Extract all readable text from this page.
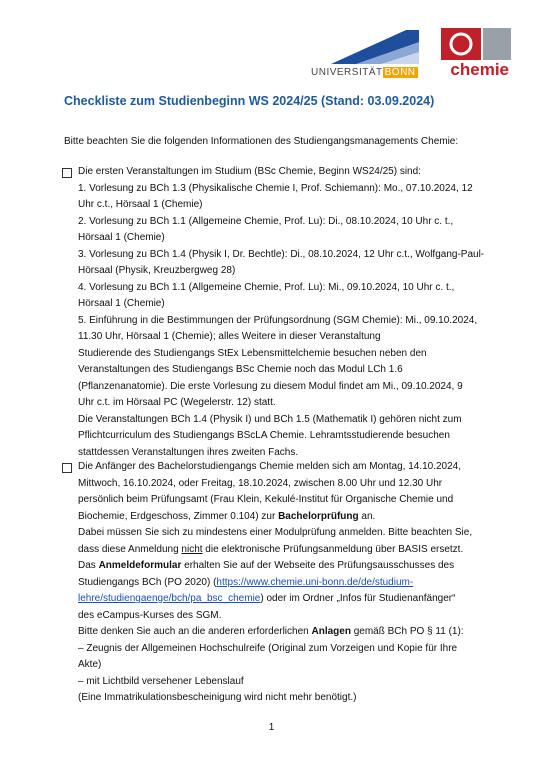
UNIVERSITÄT BONN chemie
Checkliste zum Studienbeginn WS 2024/25 (Stand: 03.09.2024)
Bitte beachten Sie die folgenden Informationen des Studiengangsmanagements Chemie:
Die ersten Veranstaltungen im Studium (BSc Chemie, Beginn WS24/25) sind:
1. Vorlesung zu BCh 1.3 (Physikalische Chemie I, Prof. Schiemann): Mo., 07.10.2024, 12
Uhr c.t., Hörsaal 1 (Chemie)
2. Vorlesung zu BCh 1.1 (Allgemeine Chemie, Prof. Lu): Di., 08.10.2024, 10 Uhr c. t.,
Hörsaal 1 (Chemie)
3. Vorlesung zu BCh 1.4 (Physik I, Dr. Bechtle): Di., 08.10.2024, 12 Uhr c.t., Wolfgang-Paul-
Hörsaal (Physik, Kreuzbergweg 28)
4. Vorlesung zu BCh 1.1 (Allgemeine Chemie, Prof. Lu): Mi., 09.10.2024, 10 Uhr c. t.,
Hörsaal 1 (Chemie)
5. Einführung in die Bestimmungen der Prüfungsordnung (SGM Chemie): Mi., 09.10.2024,
11.30 Uhr, Hörsaal 1 (Chemie); alles Weitere in dieser Veranstaltung
Studierende des Studiengangs StEx Lebensmittelchemie besuchen neben den
Veranstaltungen des Studiengangs BSc Chemie noch das Modul LCh 1.6
(Pflanzenanatomie). Die erste Vorlesung zu diesem Modul findet am Mi., 09.10.2024, 9
Uhr c.t. im Hörsaal PC (Wegelerstr. 12) statt.
Die Veranstaltungen BCh 1.4 (Physik I) und BCh 1.5 (Mathematik I) gehören nicht zum
Pflichtcurriculum des Studiengangs BScLA Chemie. Lehramtsstudierende besuchen
stattdessen Veranstaltungen ihres zweiten Fachs.
Die Anfänger des Bachelorstudiengangs Chemie melden sich am Montag, 14.10.2024,
Mittwoch, 16.10.2024, oder Freitag, 18.10.2024, zwischen 8.00 Uhr und 12.30 Uhr
persönlich beim Prüfungsamt (Frau Klein, Kekulé-Institut für Organische Chemie und
Biochemie, Erdgeschoss, Zimmer 0.104) zur Bachelorprüfung an.
Dabei müssen Sie sich zu mindestens einer Modulprüfung anmelden. Bitte beachten Sie,
dass diese Anmeldung nicht die elektronische Prüfungsanmeldung über BASIS ersetzt.
Das Anmeldeformular erhalten Sie auf der Webseite des Prüfungsausschusses des
Studiengangs BCh (PO 2020) (https://www.chemie.uni-bonn.de/de/studium-
lehre/studiengaenge/bch/pa_bsc_chemie) oder im Ordner „Infos für Studienanfänger“
des eCampus-Kurses des SGM.
Bitte denken Sie auch an die anderen erforderlichen Anlagen gemäß BCh PO § 11 (1):
– Zeugnis der Allgemeinen Hochschulreife (Original zum Vorzeigen und Kopie für Ihre
Akte)
– mit Lichtbild versehener Lebenslauf
(Eine Immatrikulationsbescheinigung wird nicht mehr benötigt.)
1
